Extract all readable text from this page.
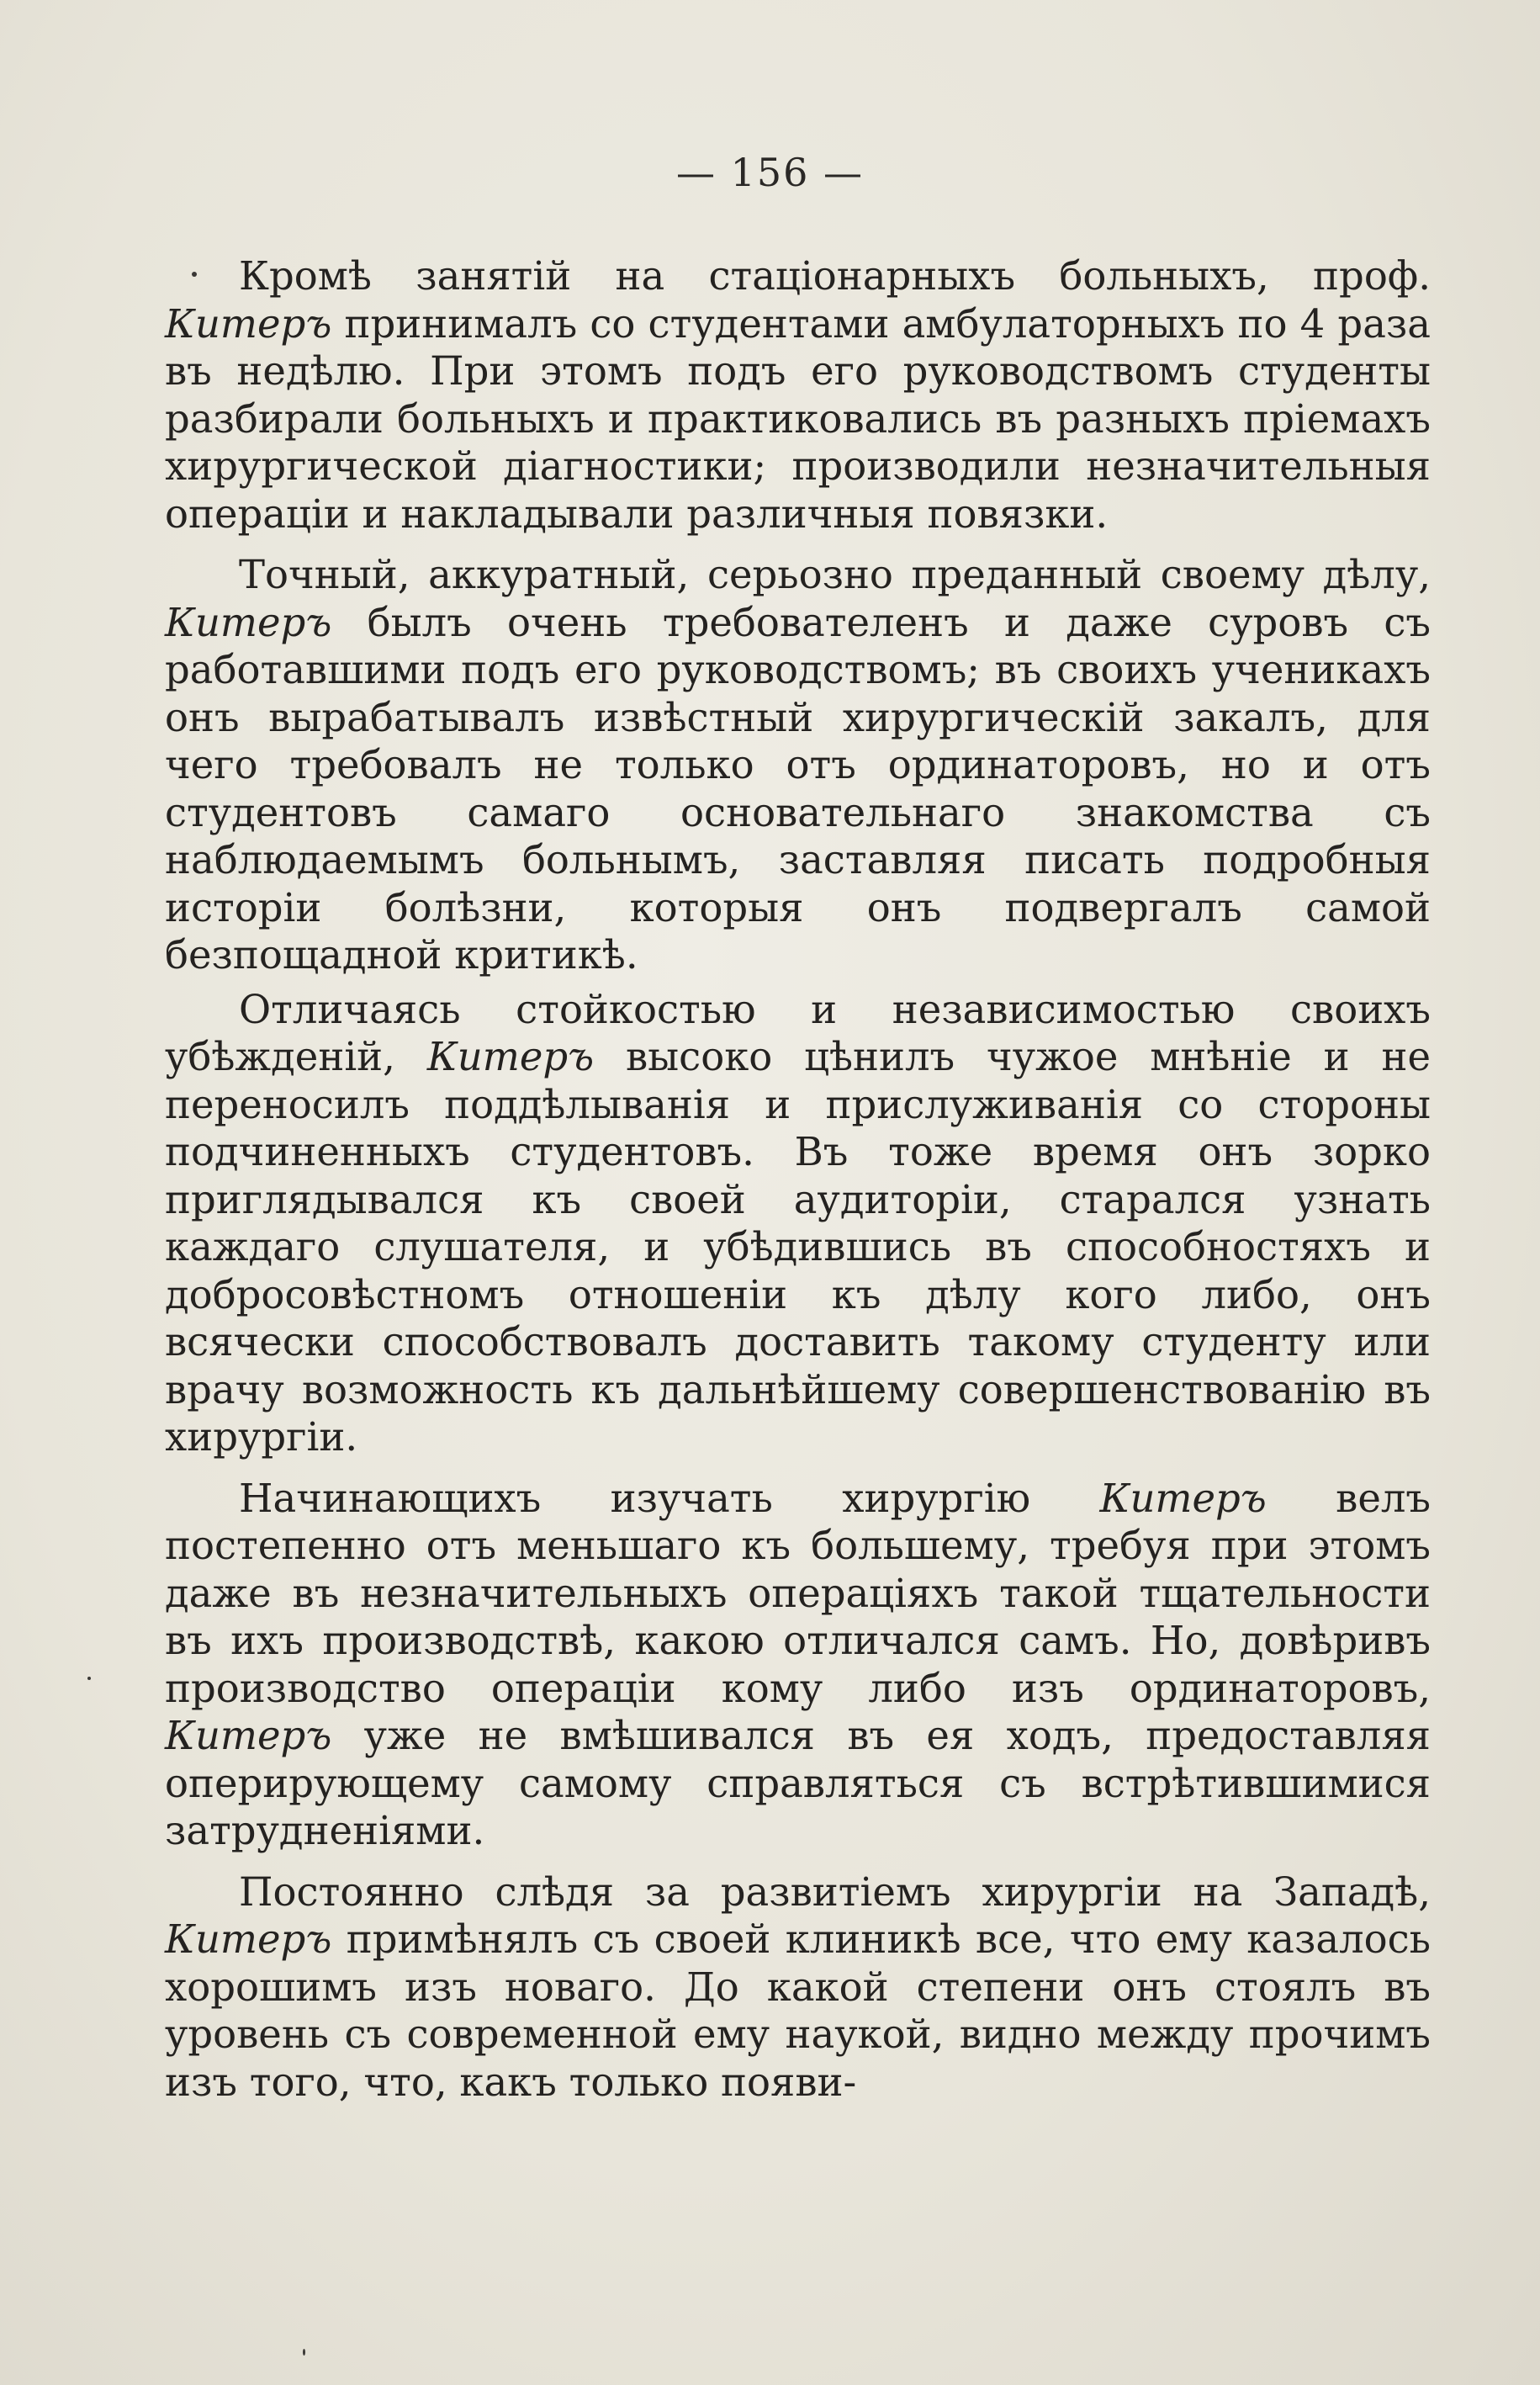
— 156 —

Кромѣ занятій на стаціонарныхъ больныхъ, проф. Китеръ принималъ со студентами амбулаторныхъ по 4 раза въ недѣлю. При этомъ подъ его руководствомъ студенты разбирали больныхъ и практиковались въ разныхъ пріемахъ хирургической діагностики; производили незначительныя операціи и накладывали различныя повязки.

Точный, аккуратный, серьозно преданный своему дѣлу, Китеръ былъ очень требователенъ и даже суровъ съ работавшими подъ его руководствомъ; въ своихъ ученикахъ онъ вырабатывалъ извѣстный хирургическій закалъ, для чего требовалъ не только отъ ординаторовъ, но и отъ студентовъ самаго основательнаго знакомства съ наблюдаемымъ больнымъ, заставляя писать подробныя исторіи болѣзни, которыя онъ подвергалъ самой безпощадной критикѣ.

Отличаясь стойкостью и независимостью своихъ убѣжденій, Китеръ высоко цѣнилъ чужое мнѣніе и не переносилъ поддѣлыванія и прислуживанія со стороны подчиненныхъ студентовъ. Въ тоже время онъ зорко приглядывался къ своей аудиторіи, старался узнать каждаго слушателя, и убѣдившись въ способностяхъ и добросовѣстномъ отношеніи къ дѣлу кого либо, онъ всячески способствовалъ доставить такому студенту или врачу возможность къ дальнѣйшему совершенствованію въ хирургіи.

Начинающихъ изучать хирургію Китеръ велъ постепенно отъ меньшаго къ большему, требуя при этомъ даже въ незначительныхъ операціяхъ такой тщательности въ ихъ производствѣ, какою отличался самъ. Но, довѣривъ производство операціи кому либо изъ ординаторовъ, Китеръ уже не вмѣшивался въ ея ходъ, предоставляя оперирующему самому справляться съ встрѣтившимися затрудненіями.

Постоянно слѣдя за развитіемъ хирургіи на Западѣ, Китеръ примѣнялъ съ своей клиникѣ все, что ему казалось хорошимъ изъ новаго. До какой степени онъ стоялъ въ уровень съ современной ему наукой, видно между прочимъ изъ того, что, какъ только появи-
